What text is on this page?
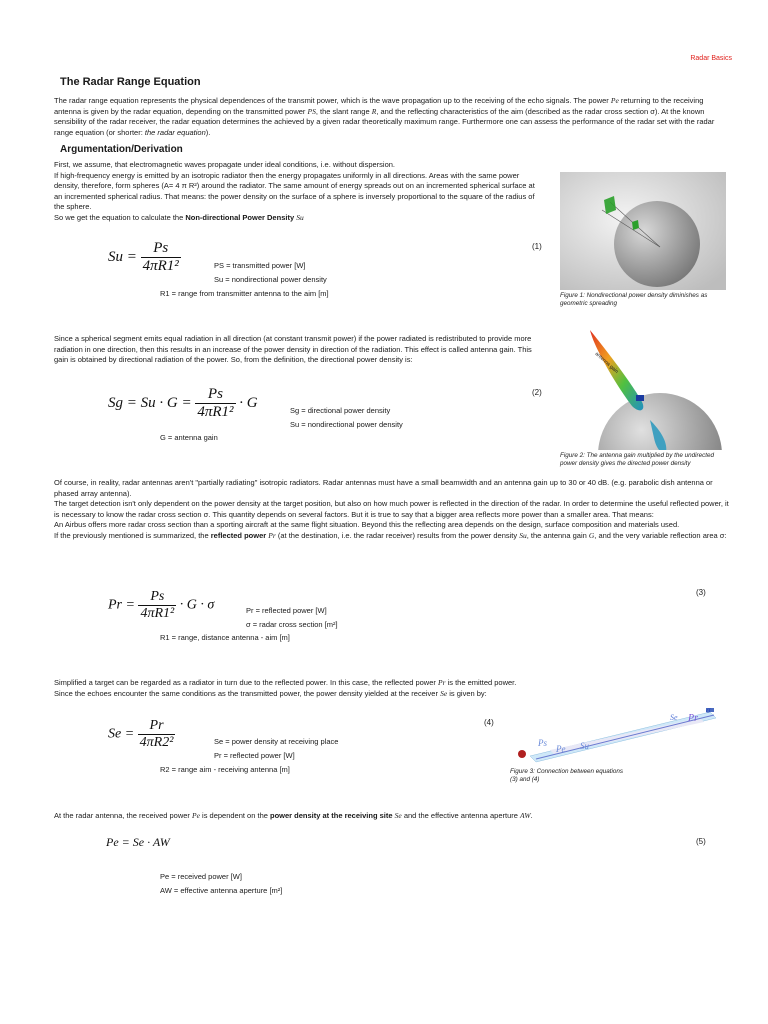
Radar Basics
The Radar Range Equation
The radar range equation represents the physical dependences of the transmit power, which is the wave propagation up to the receiving of the echo signals. The power Pe returning to the receiving antenna is given by the radar equation, depending on the transmitted power PS, the slant range R, and the reflecting characteristics of the aim (described as the radar cross section σ). At the known sensibility of the radar receiver, the radar equation determines the achieved by a given radar theoretically maximum range. Furthermore one can assess the performance of the radar set with the radar range equation (or shorter: the radar equation).
Argumentation/Derivation

First, we assume, that electromagnetic waves propagate under ideal conditions, i.e. without dispersion.

If high-frequency energy is emitted by an isotropic radiator then the energy propagates uniformly in all directions. Areas with the same power density, therefore, form spheres (A= 4 π R²) around the radiator. The same amount of energy spreads out on an incremented spherical surface at an incremented spherical radius. That means: the power density on the surface of a sphere is inversely proportional to the square of the radius of the sphere.

So we get the equation to calculate the Non-directional Power Density Su

(1)
$Su = \frac{Ps}{\text{4πR1²}}$	PS = transmitted power [W]
Su = nondirectional power density
R1 = range from transmitter antenna to the aim [m]	Figure 1: Nondirectional power density diminishes as geometric spreading
Since a spherical segment emits equal radiation in all direction (at constant transmit power) if the power radiated is redistributed to provide more radiation in one direction, then this results in an increase of the power density in direction of the radiation. This effect is called antenna gain. This gain is obtained by directional radiation of the power. So, from the definition, the directional power density is:
(2)
$Sg = Su \cdot G = \frac{Ps}{\text{4πR1²}} \cdot G$	Sg = directional power density
Su = nondirectional power density
G = antenna gain
antenna gain
Figure 2: The antenna gain multiplied by the undirected power density gives the directed power density

Of course, in reality, radar antennas aren't "partially radiating" isotropic radiators. Radar antennas must have a small beamwidth and an antenna gain up to 30 or 40 dB. (e.g. parabolic dish antenna or phased array antenna).

The target detection isn't only dependent on the power density at the target position, but also on how much power is reflected in the direction of the radar. In order to determine the useful reflected power, it is necessary to know the radar cross section σ. This quantity depends on several factors. But it is true to say that a bigger area reflects more power than a smaller area. That means:

An Airbus offers more radar cross section than a sporting aircraft at the same flight situation. Beyond this the reflecting area depends on the design, surface composition and materials used.

If the previously mentioned is summarized, the reflected power Pr (at the destination, i.e. the radar receiver) results from the power density Su, the antenna gain G, and the very variable reflection area σ:

(3)
$Pr = \frac{Ps}{\text{4πR1²}} \cdot G \cdot \sigma$	Pr = reflected power [W]
σ = radar cross section [m²]
R1 = range, distance antenna - aim [m]

Simplified a target can be regarded as a radiator in turn due to the reflected power. In this case, the reflected power Pr is the emitted power.

Since the echoes encounter the same conditions as the transmitted power, the power density yielded at the receiver Se is given by:

(4)
$Se = \frac{Pr}{\text{4πR2²}}$	Se = power density at receiving place
Pr = reflected power [W]
R2 = range aim - receiving antenna [m]
Se Pr
σ
Ps
Pe Su
Figure 3: Connection between equations (3) and (4)
At the radar antenna, the received power Pe is dependent on the power density at the receiving site Se and the effective antenna aperture AW.
(5)
Pe = Se · AW
Pe = received power [W]
AW = effective antenna aperture [m²]
